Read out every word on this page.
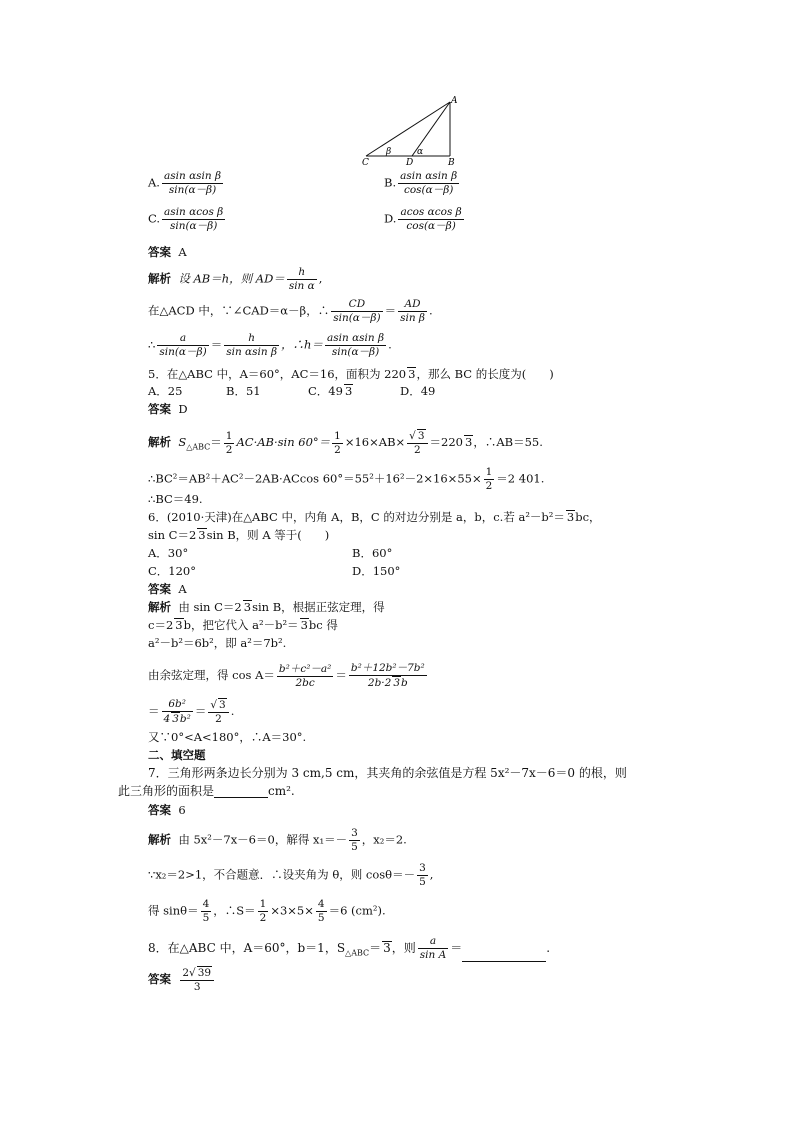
A
B
C	D
β	α
A. $\frac{\text{asin αsin β}}{\sin(\alpha-\beta)}$	B. $\frac{\text{asin αsin β}}{\cos(\alpha-\beta)}$
C. $\frac{\text{asin αcos β}}{\sin(\alpha-\beta)}$	D. $\frac{\text{acos αcos β}}{\cos(\alpha-\beta)}$
答案 A
解析 设 AB＝h，则 $AD= \frac{h}{\text{sin α}}$ ,
在△ACD 中，∵∠CAD＝α－β，∴ $\frac{CD}{\sin(\alpha-\beta)} = \frac{AD}{\text{sin β}}$ .
∴ $\frac{a}{\sin(\alpha-\beta)} = \frac{h}{\text{sin αsin β}}$ ，∴h＝ $\frac{\text{asin αsin β}}{\sin(\alpha-\beta)}$ .
5．在△ABC 中，A＝60°，AC＝16，面积为 220 3，那么 BC 的长度为(　　)
A．25	B．51	C．49 3	D．49
答案 D
解析 $S_{\triangle ABC}= \frac{1}{2} AC\cdot AB\cdot\sin$ $60^\circ= \frac{1}{2} \times 16\times AB\times \frac{√ 3}{2} =220$ 3，∴AB＝55.
∴BC²＝AB²＋AC²－2AB·ACcos $60^\circ=55^2+16^2-2\times 16\times 55\times \frac{1}{2} =2$ 401.
∴BC＝49.
6．(2010·天津)在△ABC 中，内角 A，B，C 的对边分别是 a，b，c.若 a²－b²＝ 3bc，
sin C＝2 3sin B，则 A 等于(　　)
A．30°	B．60°
C．120°	D．150°
答案 A
解析 由 sin C＝2 3sin B，根据正弦定理，得
c＝2 3b，把它代入 a²－b²＝ 3bc 得
a²－b²＝6b²，即 a²＝7b².
由余弦定理，得 $\cos A= \frac{\text{b²＋c²－a²}}{2bc} = \frac{\text{b²＋12b²－7b²}}{2b\cdot 2 3b}$
＝ $\frac{\text{6b²}}{\text{4 3b²}} = \frac{√ 3}{2}$ .
又∵0°<A<180°，∴A＝30°.
二、填空题
7．三角形两条边长分别为 3 cm,5 cm，其夹角的余弦值是方程 5x²－7x－6＝0 的根，则
此三角形的面积是	cm².
答案 6
解析 由 5x²－7x－6＝0，解得 $x_1=- \frac{3}{5}$ ，x₂＝2.
∵x₂＝2>1，不合题意．∴设夹角为 θ，则 $\cos\theta=- \frac{3}{5}$ ,
得 $\sin\theta= \frac{4}{5}$ ，∴S＝ $\frac{1}{2} \times 3\times 5\times \frac{4}{5} =6$ (cm²).
8．在△ABC 中，A＝60°，b＝1，$S_{\triangle ABC}= 3$，则 $\frac{a}{\text{sin A}}$ ＝	.
答案 $\frac{2√ 39}{3}$
